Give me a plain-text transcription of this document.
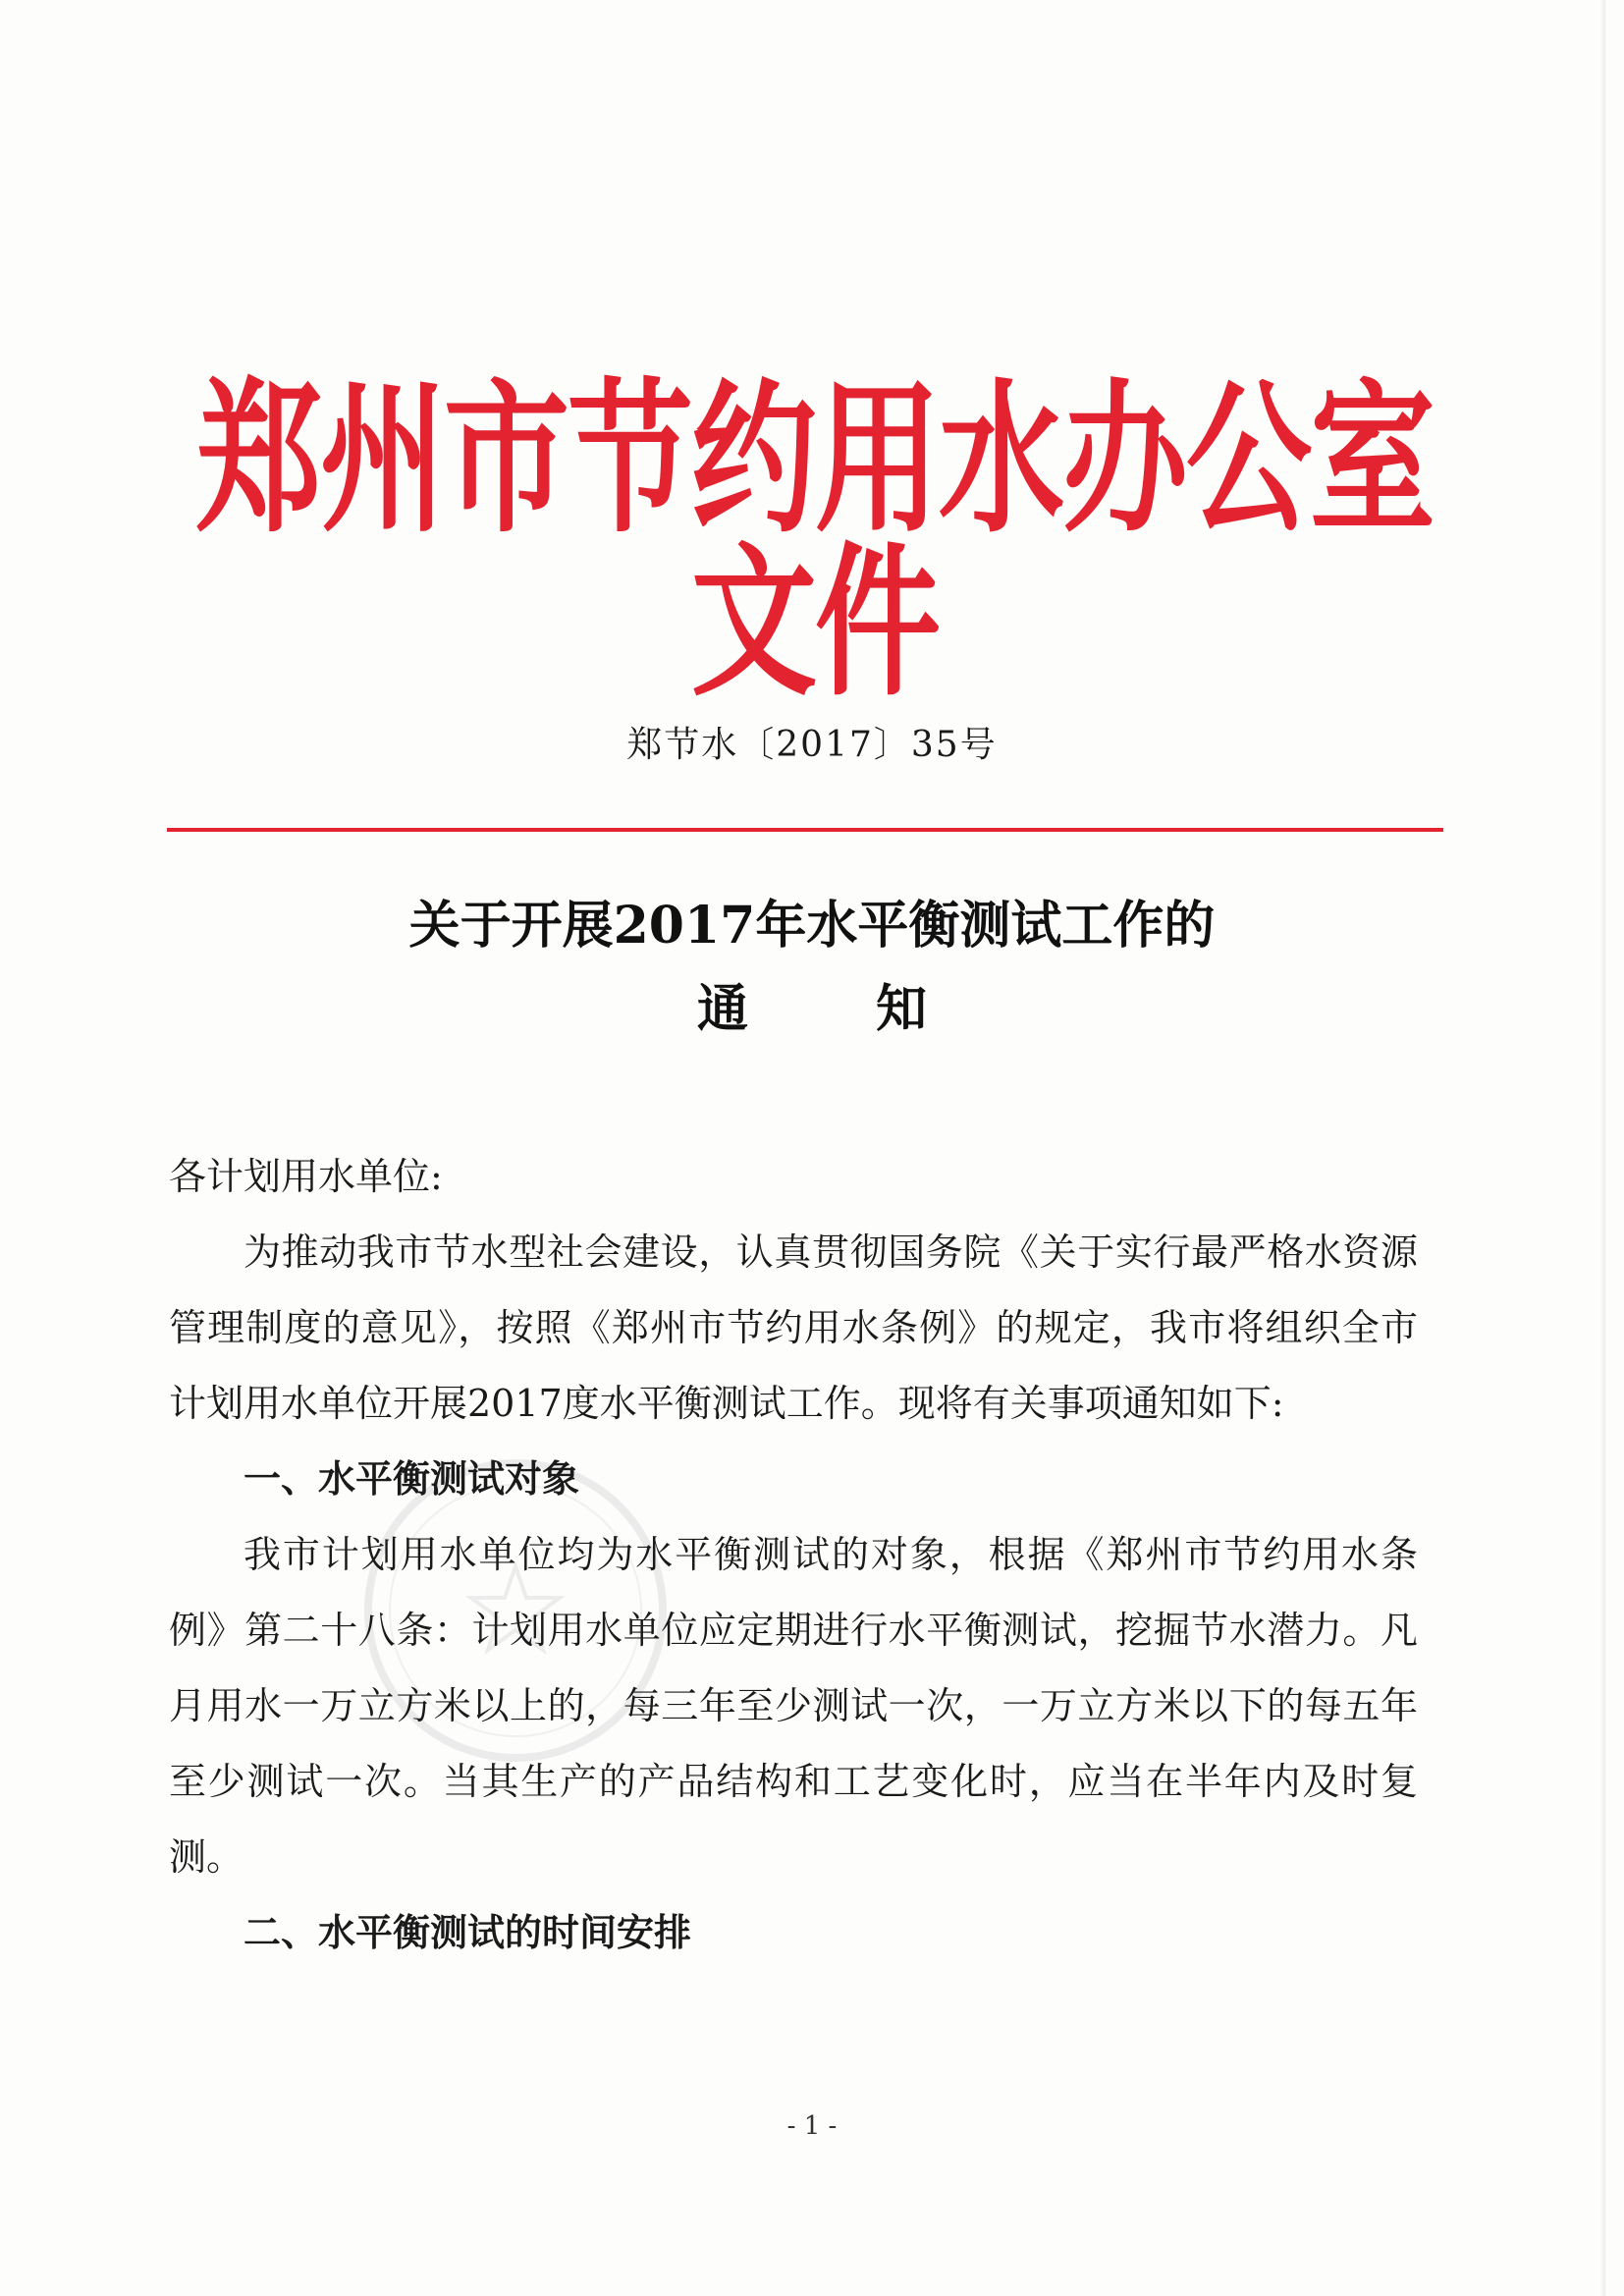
郑州市节约用水办公室文件
郑节水〔2017〕35号
关于开展2017年水平衡测试工作的
通知

各计划用水单位:

为推动我市节水型社会建设，认真贯彻国务院《关于实行最严格水资源管理制度的意见》，按照《郑州市节约用水条例》的规定，我市将组织全市计划用水单位开展2017度水平衡测试工作。现将有关事项通知如下:

一、水平衡测试对象

我市计划用水单位均为水平衡测试的对象，根据《郑州市节约用水条例》第二十八条：计划用水单位应定期进行水平衡测试，挖掘节水潜力。凡月用水一万立方米以上的，每三年至少测试一次，一万立方米以下的每五年至少测试一次。当其生产的产品结构和工艺变化时，应当在半年内及时复测。

二、水平衡测试的时间安排

- 1 -
